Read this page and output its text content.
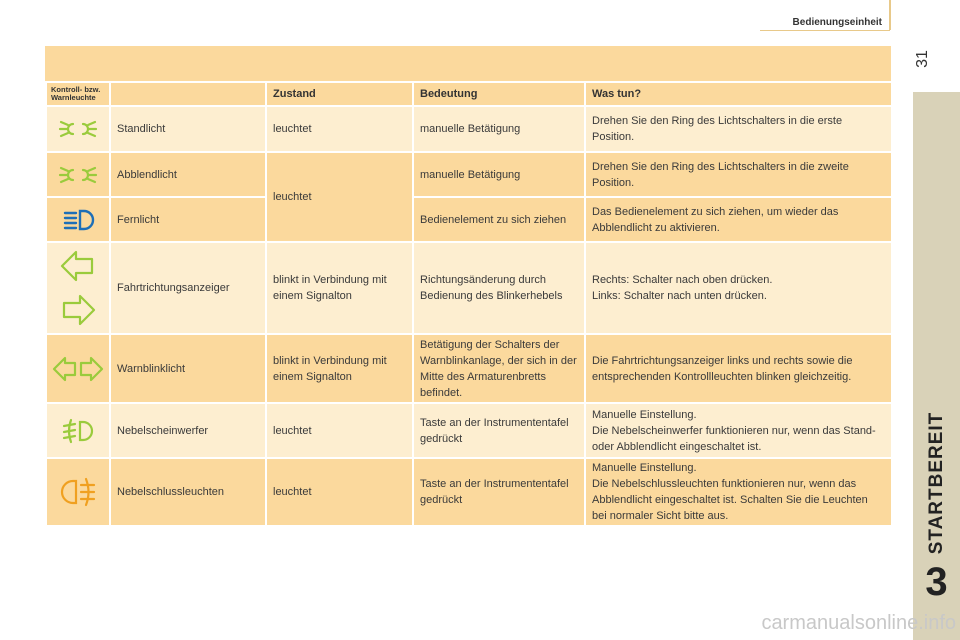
Bedienungseinheit
31
STARTBEREIT
3
carmanualsonline.info
Kontroll- bzw. Warnleuchte		Zustand	Bedeutung	Was tun?
	Standlicht	leuchtet	manuelle Betätigung	Drehen Sie den Ring des Lichtschalters in die erste Position.
	Abblendlicht	leuchtet	manuelle Betätigung	Drehen Sie den Ring des Lichtschalters in die zweite Position.
	Fernlicht		Bedienelement zu sich ziehen	Das Bedienelement zu sich ziehen, um wieder das Abblendlicht zu aktivieren.
	Fahrtrichtungsanzeiger	blinkt in Verbindung mit einem Signalton	Richtungsänderung durch Bedienung des Blinkerhebels	Rechts: Schalter nach oben drücken.
Links: Schalter nach unten drücken.

	Warnblinklicht	blinkt in Verbindung mit einem Signalton	Betätigung der Schalters der Warnblinkanlage, der sich in der Mitte des Armaturenbretts befindet.	Die Fahrtrichtungsanzeiger links und rechts sowie die entsprechenden Kontrollleuchten blinken gleichzeitig.
	Nebelscheinwerfer	leuchtet	Taste an der Instrumententafel gedrückt	Manuelle Einstellung.
Die Nebelscheinwerfer funktionieren nur, wenn das Stand- oder Abblendlicht eingeschaltet ist.

	Nebelschlussleuchten	leuchtet	Taste an der Instrumententafel gedrückt	Manuelle Einstellung.
Die Nebelschlussleuchten funktionieren nur, wenn das Abblendlicht eingeschaltet ist. Schalten Sie die Leuchten bei normaler Sicht bitte aus.
